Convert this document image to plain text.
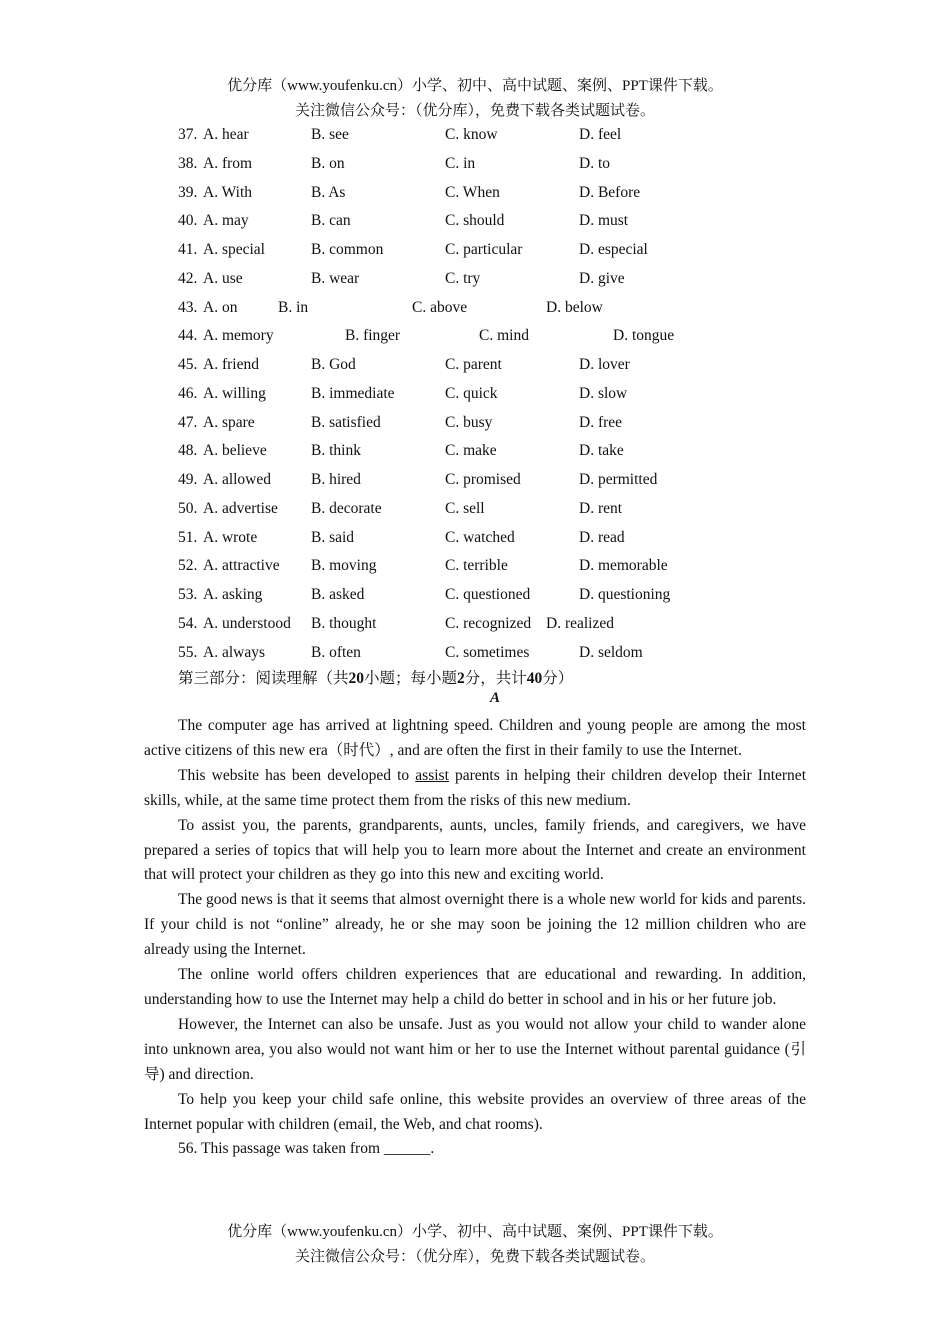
优分库（www.youfenku.cn）小学、初中、高中试题、案例、PPT课件下载。
关注微信公众号：（优分库），免费下载各类试题试卷。
37. A. hear	B. see	C. know	D. feel
38. A. from	B. on	C. in	D. to
39. A. With	B. As	C. When	D. Before
40. A. may	B. can	C. should	D. must
41. A. special	B. common	C. particular	D. especial
42. A. use	B. wear	C. try	D. give
43. A. on	B. in	C. above	D. below
44. A. memory	B. finger	C. mind	D. tongue
45. A. friend	B. God	C. parent	D. lover
46. A. willing	B. immediate	C. quick	D. slow
47. A. spare	B. satisfied	C. busy	D. free
48. A. believe	B. think	C. make	D. take
49. A. allowed	B. hired	C. promised	D. permitted
50. A. advertise B. decorate	C. sell	D. rent
51. A. wrote	B. said	C. watched	D. read
52. A. attractive B. moving	C. terrible	D. memorable
53. A. asking	B. asked	C. questioned	D. questioning
54. A. understood B. thought	C. recognized D. realized
55. A. always	B. often	C. sometimes	D. seldom
第三部分：阅读理解（共20小题；每小题2分，共计40分）
A

The computer age has arrived at lightning speed. Children and young people are among the most active citizens of this new era（时代）, and are often the first in their family to use the Internet.

This website has been developed to assist parents in helping their children develop their Internet skills, while, at the same time protect them from the risks of this new medium.

To assist you, the parents, grandparents, aunts, uncles, family friends, and caregivers, we have prepared a series of topics that will help you to learn more about the Internet and create an environment that will protect your children as they go into this new and exciting world.

The good news is that it seems that almost overnight there is a whole new world for kids and parents. If your child is not “online” already, he or she may soon be joining the 12 million children who are already using the Internet.

The online world offers children experiences that are educational and rewarding. In addition, understanding how to use the Internet may help a child do better in school and in his or her future job.

However, the Internet can also be unsafe. Just as you would not allow your child to wander alone into unknown area, you also would not want him or her to use the Internet without parental guidance (引导) and direction.

To help you keep your child safe online, this website provides an overview of three areas of the Internet popular with children (email, the Web, and chat rooms).

56. This passage was taken from ______.

优分库（www.youfenku.cn）小学、初中、高中试题、案例、PPT课件下载。
关注微信公众号：（优分库），免费下载各类试题试卷。
